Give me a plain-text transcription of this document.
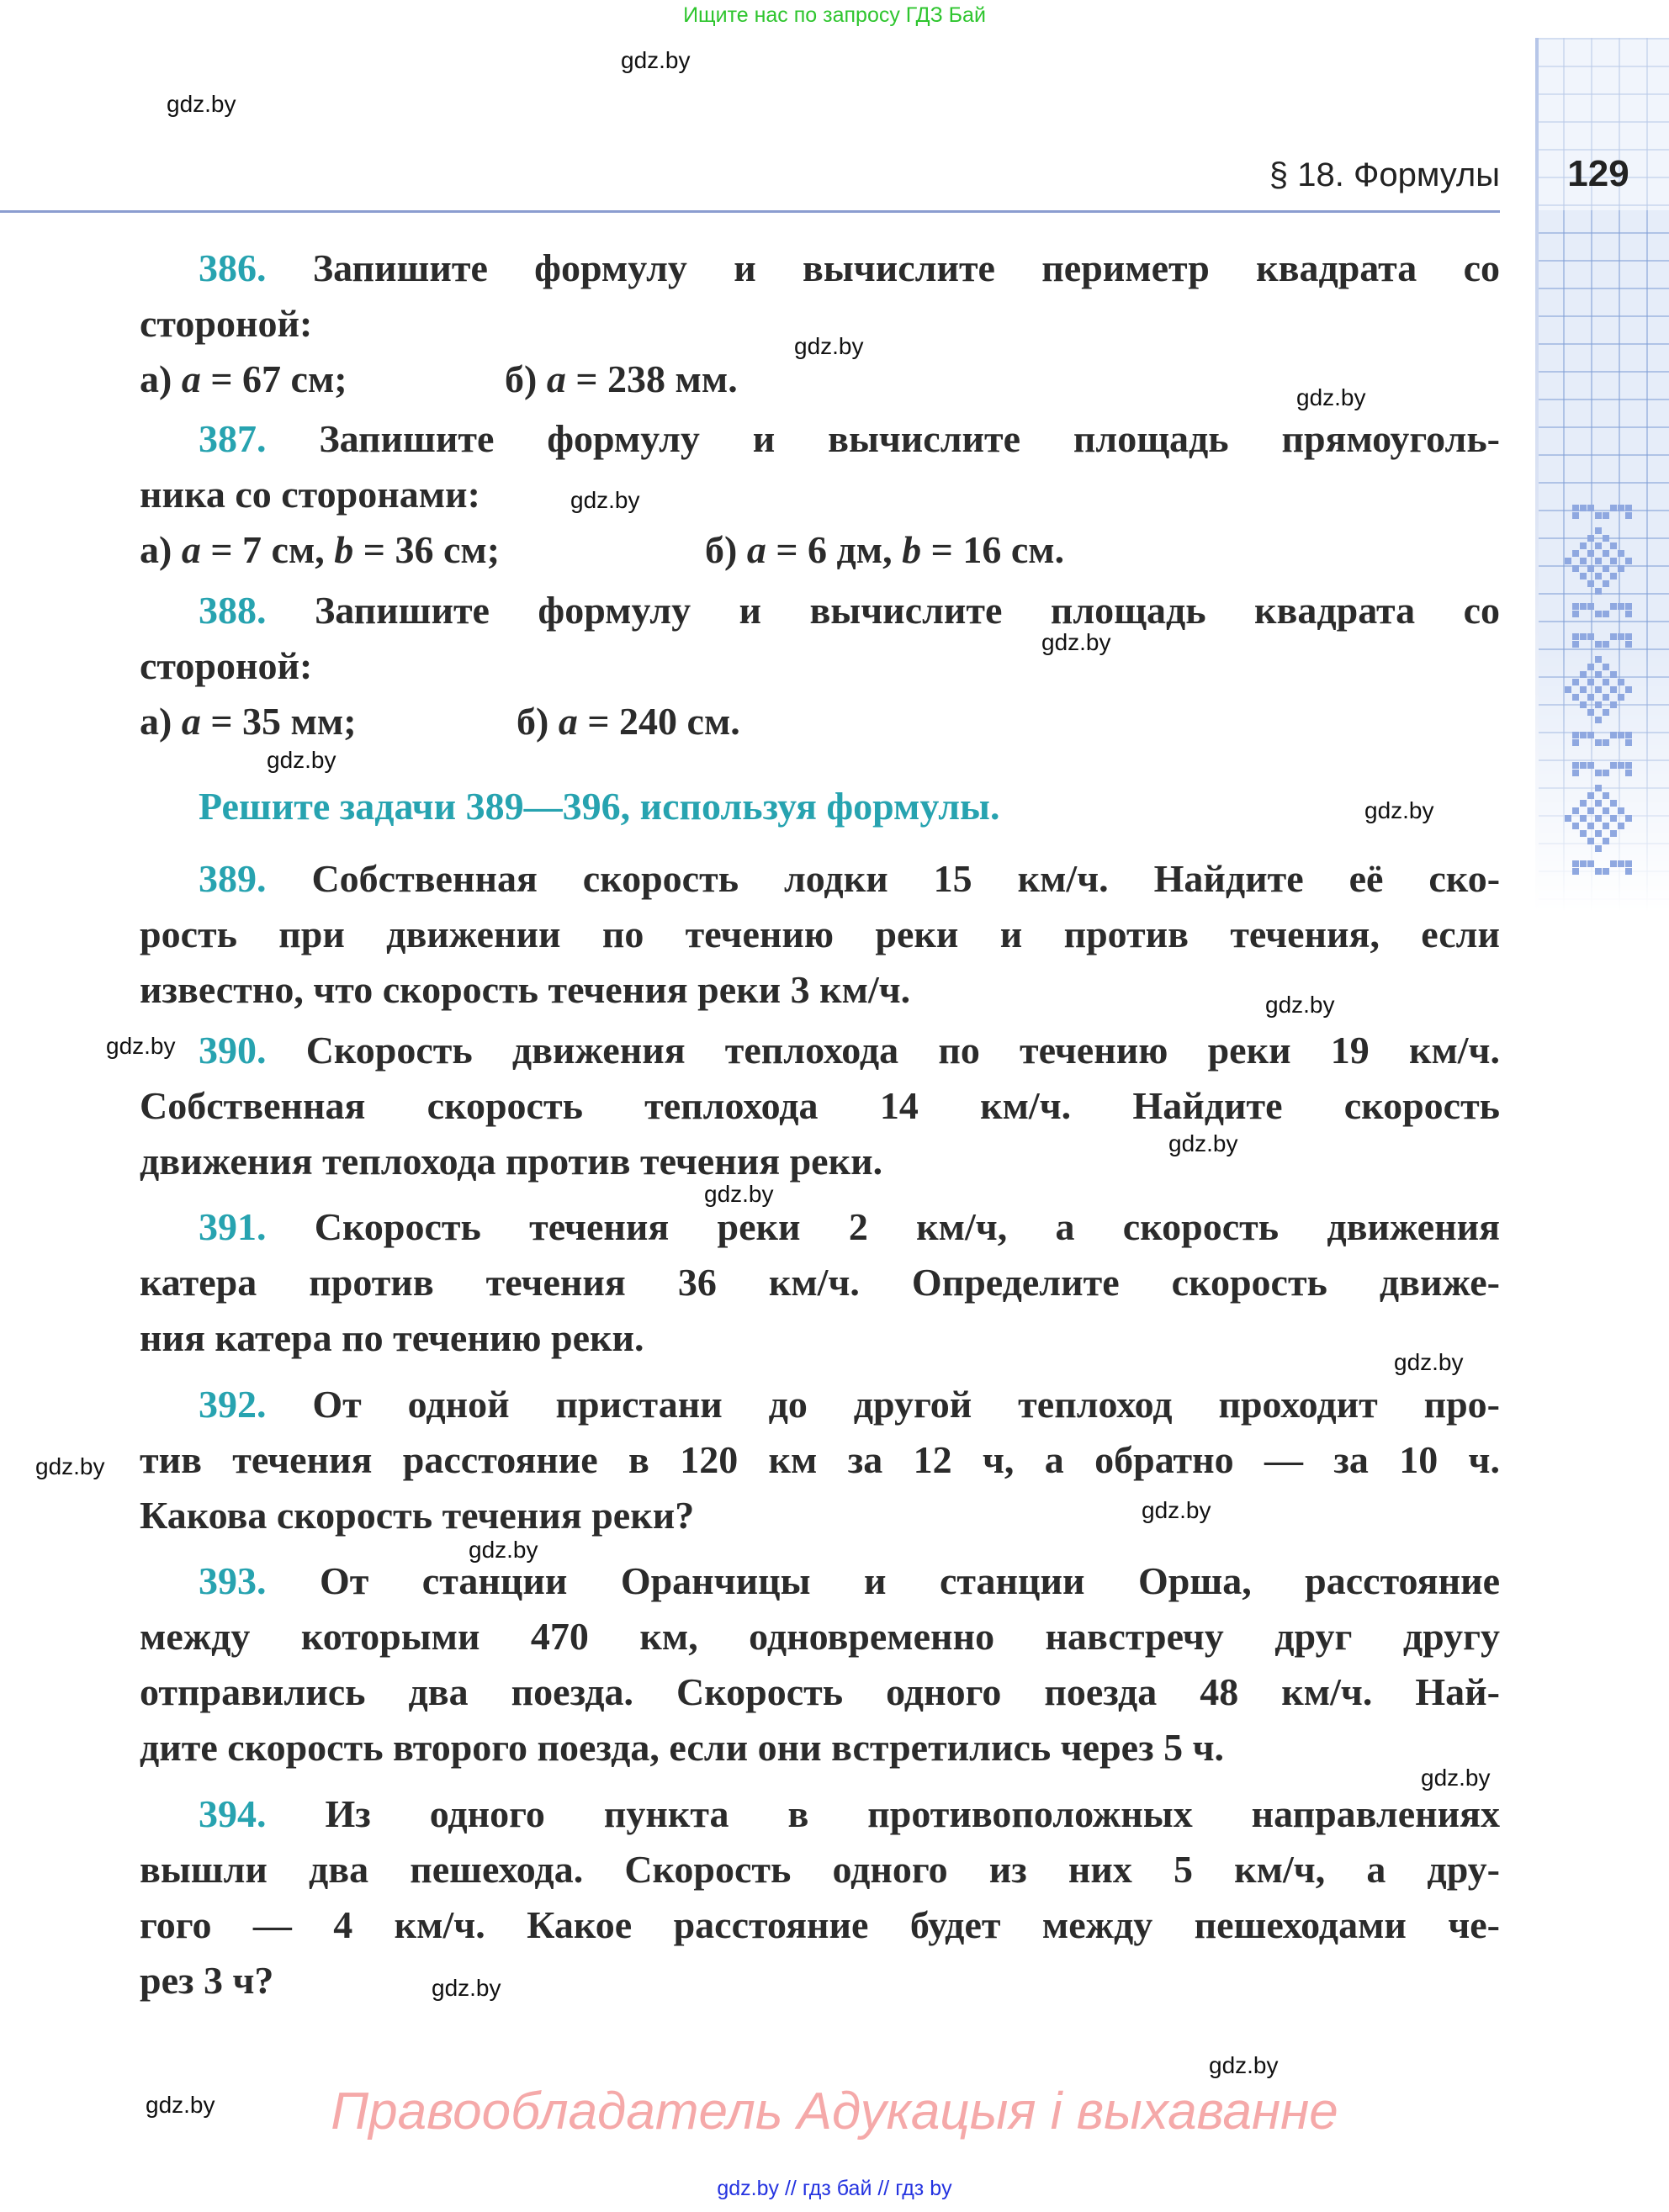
Ищите нас по запросу ГДЗ Бай
129
§ 18. Формулы
386. Запишите формулу и вычислите периметр квадрата со
стороной:
а) a = 67 см;	б) a = 238 мм.
387. Запишите формулу и вычислите площадь прямоуголь-
ника со сторонами:
а) a = 7 см, b = 36 см;	б) a = 6 дм, b = 16 см.
388. Запишите формулу и вычислите площадь квадрата со
стороной:
а) a = 35 мм;	б) a = 240 см.
389. Собственная скорость лодки 15 км/ч. Найдите её ско-
рость при движении по течению реки и против течения, если
известно, что скорость течения реки 3 км/ч.
390. Скорость движения теплохода по течению реки 19 км/ч.
Собственная скорость теплохода 14 км/ч. Найдите скорость
движения теплохода против течения реки.
391. Скорость течения реки 2 км/ч, а скорость движения
катера против течения 36 км/ч. Определите скорость движе-
ния катера по течению реки.
392. От одной пристани до другой теплоход проходит про-
тив течения расстояние в 120 км за 12 ч, а обратно — за 10 ч.
Какова скорость течения реки?
393. От станции Оранчицы и станции Орша, расстояние
между которыми 470 км, одновременно навстречу друг другу
отправились два поезда. Скорость одного поезда 48 км/ч. Най-
дите скорость второго поезда, если они встретились через 5 ч.
394. Из одного пункта в противоположных направлениях
вышли два пешехода. Скорость одного из них 5 км/ч, а дру-
гого — 4 км/ч. Какое расстояние будет между пешеходами че-
рез 3 ч?
Решите задачи 389—396, используя формулы.
gdz.by
gdz.by
gdz.by
gdz.by
gdz.by
gdz.by
gdz.by
gdz.by
gdz.by
gdz.by
gdz.by
gdz.by
gdz.by
gdz.by
gdz.by
gdz.by
gdz.by
gdz.by
gdz.by
gdz.by	Правообладатель Адукацыя і выхаванне
gdz.by // гдз бай // гдз by
